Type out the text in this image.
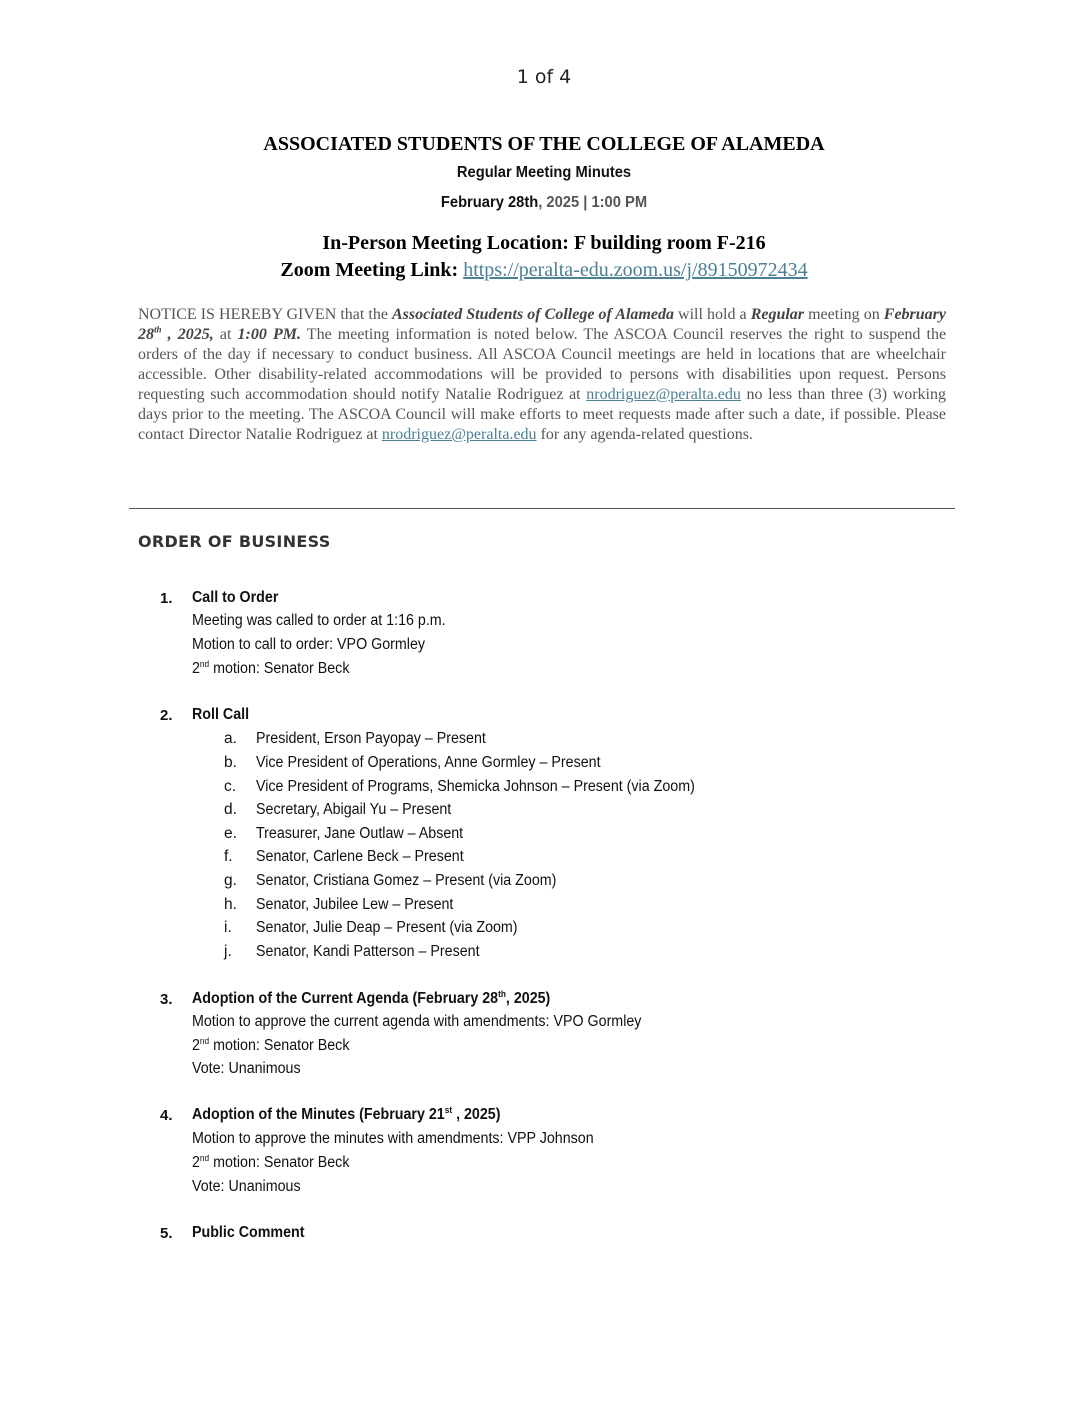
1 of 4
ASSOCIATED STUDENTS OF THE COLLEGE OF ALAMEDA
Regular Meeting Minutes
February 28th, 2025 | 1:00 PM
In-Person Meeting Location: F building room F-216
Zoom Meeting Link: https://peralta-edu.zoom.us/j/89150972434
NOTICE IS HEREBY GIVEN that the Associated Students of College of Alameda will hold a Regular meeting on February 28th , 2025, at 1:00 PM. The meeting information is noted below. The ASCOA Council reserves the right to suspend the orders of the day if necessary to conduct business. All ASCOA Council meetings are held in locations that are wheelchair accessible. Other disability-related accommodations will be provided to persons with disabilities upon request. Persons requesting such accommodation should notify Natalie Rodriguez at nrodriguez@peralta.edu no less than three (3) working days prior to the meeting. The ASCOA Council will make efforts to meet requests made after such a date, if possible. Please contact Director Natalie Rodriguez at nrodriguez@peralta.edu for any agenda-related questions.
ORDER OF BUSINESS
1. Call to Order
Meeting was called to order at 1:16 p.m.
Motion to call to order: VPO Gormley
2nd motion: Senator Beck
2. Roll Call
a. President, Erson Payopay – Present
b. Vice President of Operations, Anne Gormley – Present
c. Vice President of Programs, Shemicka Johnson – Present (via Zoom)
d. Secretary, Abigail Yu – Present
e. Treasurer, Jane Outlaw – Absent
f. Senator, Carlene Beck – Present
g. Senator, Cristiana Gomez – Present (via Zoom)
h. Senator, Jubilee Lew – Present
i. Senator, Julie Deap – Present (via Zoom)
j. Senator, Kandi Patterson – Present
3. Adoption of the Current Agenda (February 28th, 2025)
Motion to approve the current agenda with amendments: VPO Gormley
2nd motion: Senator Beck
Vote: Unanimous
4. Adoption of the Minutes (February 21st , 2025)
Motion to approve the minutes with amendments: VPP Johnson
2nd motion: Senator Beck
Vote: Unanimous
5. Public Comment
